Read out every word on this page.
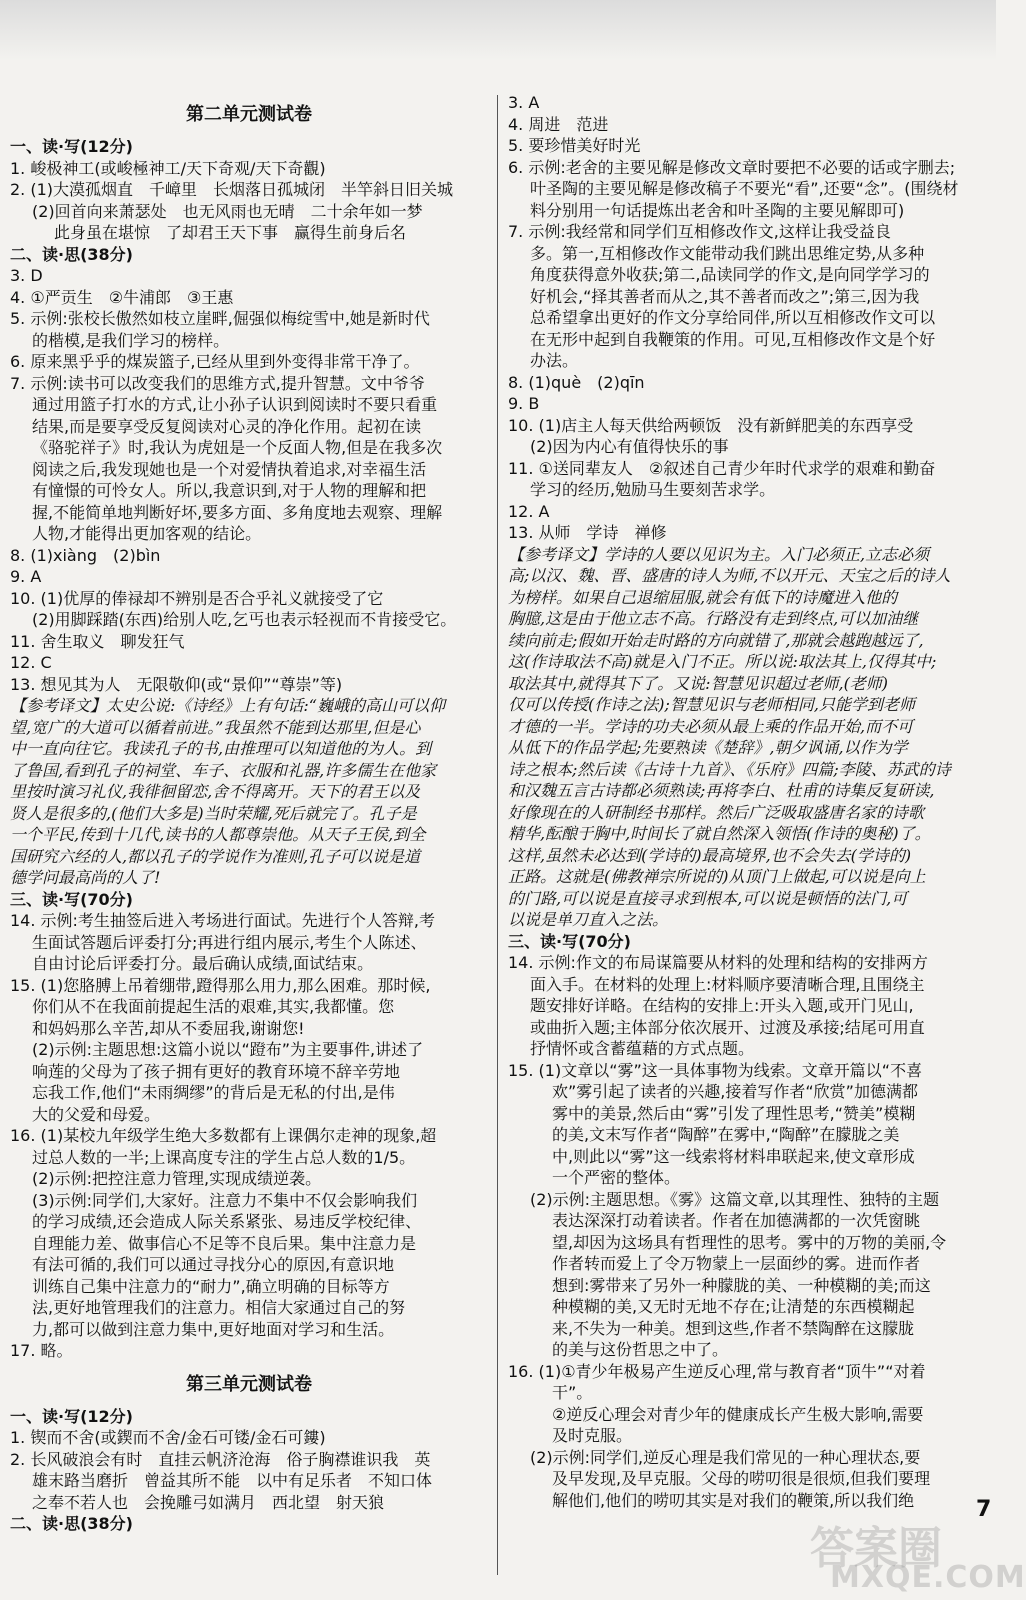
第二单元测试卷
一、读·写(12分)
1. 峻极神工(或峻極神工/天下奇观/天下奇觀)
2. (1)大漠孤烟直　千嶂里　长烟落日孤城闭　半竿斜日旧关城
(2)回首向来萧瑟处　也无风雨也无晴　二十余年如一梦
此身虽在堪惊　了却君王天下事　赢得生前身后名
二、读·思(38分)
3. D
4. ①严贡生　②牛浦郎　③王惠
5. 示例:张校长傲然如枝立崖畔,倔强似梅绽雪中,她是新时代
的楷模,是我们学习的榜样。
6. 原来黑乎乎的煤炭篮子,已经从里到外变得非常干净了。
7. 示例:读书可以改变我们的思维方式,提升智慧。文中爷爷
通过用篮子打水的方式,让小孙子认识到阅读时不要只看重
结果,而是要享受反复阅读对心灵的净化作用。起初在读
《骆驼祥子》时,我认为虎妞是一个反面人物,但是在我多次
阅读之后,我发现她也是一个对爱情执着追求,对幸福生活
有憧憬的可怜女人。所以,我意识到,对于人物的理解和把
握,不能简单地判断好坏,要多方面、多角度地去观察、理解
人物,才能得出更加客观的结论。
8. (1)xiàng　(2)bìn
9. A
10. (1)优厚的俸禄却不辨别是否合乎礼义就接受了它
(2)用脚踩踏(东西)给别人吃,乞丐也表示轻视而不肯接受它。
11. 舍生取义　聊发狂气
12. C
13. 想见其为人　无限敬仰(或“景仰”“尊崇”等)
【参考译文】太史公说:《诗经》上有句话:“巍峨的高山可以仰
望,宽广的大道可以循着前进。”我虽然不能到达那里,但是心
中一直向往它。我读孔子的书,由推理可以知道他的为人。到
了鲁国,看到孔子的祠堂、车子、衣服和礼器,许多儒生在他家
里按时演习礼仪,我徘徊留恋,舍不得离开。天下的君王以及
贤人是很多的,(他们大多是)当时荣耀,死后就完了。孔子是
一个平民,传到十几代,读书的人都尊崇他。从天子王侯,到全
国研究六经的人,都以孔子的学说作为准则,孔子可以说是道
德学问最高尚的人了!
三、读·写(70分)
14. 示例:考生抽签后进入考场进行面试。先进行个人答辩,考
生面试答题后评委打分;再进行组内展示,考生个人陈述、
自由讨论后评委打分。最后确认成绩,面试结束。
15. (1)您胳膊上吊着绷带,蹬得那么用力,那么困难。那时候,
你们从不在我面前提起生活的艰难,其实,我都懂。您
和妈妈那么辛苦,却从不委屈我,谢谢您!
(2)示例:主题思想:这篇小说以“蹬布”为主要事件,讲述了
响莲的父母为了孩子拥有更好的教育环境不辞辛劳地
忘我工作,他们“未雨绸缪”的背后是无私的付出,是伟
大的父爱和母爱。
16. (1)某校九年级学生绝大多数都有上课偶尔走神的现象,超
过总人数的一半;上课高度专注的学生占总人数的1/5。
(2)示例:把控注意力管理,实现成绩逆袭。
(3)示例:同学们,大家好。注意力不集中不仅会影响我们
的学习成绩,还会造成人际关系紧张、易违反学校纪律、
自理能力差、做事信心不足等不良后果。集中注意力是
有法可循的,我们可以通过寻找分心的原因,有意识地
训练自己集中注意力的“耐力”,确立明确的目标等方
法,更好地管理我们的注意力。相信大家通过自己的努
力,都可以做到注意力集中,更好地面对学习和生活。
17. 略。
第三单元测试卷
一、读·写(12分)
1. 锲而不舍(或鍥而不舍/金石可镂/金石可鏤)
2. 长风破浪会有时　直挂云帆济沧海　俗子胸襟谁识我　英
雄末路当磨折　曾益其所不能　以中有足乐者　不知口体
之奉不若人也　会挽雕弓如满月　西北望　射天狼
二、读·思(38分)
3. A
4. 周进　范进
5. 要珍惜美好时光
6. 示例:老舍的主要见解是修改文章时要把不必要的话或字删去;
叶圣陶的主要见解是修改稿子不要光“看”,还要“念”。(围绕材
料分别用一句话提炼出老舍和叶圣陶的主要见解即可)
7. 示例:我经常和同学们互相修改作文,这样让我受益良
多。第一,互相修改作文能带动我们跳出思维定势,从多种
角度获得意外收获;第二,品读同学的作文,是向同学学习的
好机会,“择其善者而从之,其不善者而改之”;第三,因为我
总希望拿出更好的作文分享给同伴,所以互相修改作文可以
在无形中起到自我鞭策的作用。可见,互相修改作文是个好
办法。
8. (1)què　(2)qīn
9. B
10. (1)店主人每天供给两顿饭　没有新鲜肥美的东西享受
(2)因为内心有值得快乐的事
11. ①送同辈友人　②叙述自己青少年时代求学的艰难和勤奋
学习的经历,勉励马生要刻苦求学。
12. A
13. 从师　学诗　禅修
【参考译文】学诗的人要以见识为主。入门必须正,立志必须
高;以汉、魏、晋、盛唐的诗人为师,不以开元、天宝之后的诗人
为榜样。如果自己退缩屈服,就会有低下的诗魔进入他的
胸臆,这是由于他立志不高。行路没有走到终点,可以加油继
续向前走;假如开始走时路的方向就错了,那就会越跑越远了,
这(作诗取法不高)就是入门不正。所以说:取法其上,仅得其中;
取法其中,就得其下了。又说:智慧见识超过老师,(老师)
仅可以传授(作诗之法);智慧见识与老师相同,只能学到老师
才德的一半。学诗的功夫必须从最上乘的作品开始,而不可
从低下的作品学起;先要熟读《楚辞》,朝夕讽诵,以作为学
诗之根本;然后读《古诗十九首》、《乐府》四篇;李陵、苏武的诗
和汉魏五言古诗都必须熟读;再将李白、杜甫的诗集反复研读,
好像现在的人研制经书那样。然后广泛吸取盛唐名家的诗歌
精华,酝酿于胸中,时间长了就自然深入领悟(作诗的奥秘)了。
这样,虽然未必达到(学诗的)最高境界,也不会失去(学诗的)
正路。这就是(佛教禅宗所说的)从顶门上做起,可以说是向上
的门路,可以说是直接寻求到根本,可以说是顿悟的法门,可
以说是单刀直入之法。
三、读·写(70分)
14. 示例:作文的布局谋篇要从材料的处理和结构的安排两方
面入手。在材料的处理上:材料顺序要清晰合理,且围绕主
题安排好详略。在结构的安排上:开头入题,或开门见山,
或曲折入题;主体部分依次展开、过渡及承接;结尾可用直
抒情怀或含蓄蕴藉的方式点题。
15. (1)文章以“雾”这一具体事物为线索。文章开篇以“不喜
欢”雾引起了读者的兴趣,接着写作者“欣赏”加德满都
雾中的美景,然后由“雾”引发了理性思考,“赞美”模糊
的美,文末写作者“陶醉”在雾中,“陶醉”在朦胧之美
中,则此以“雾”这一线索将材料串联起来,使文章形成
一个严密的整体。
(2)示例:主题思想。《雾》这篇文章,以其理性、独特的主题
表达深深打动着读者。作者在加德满都的一次凭窗眺
望,却因为这场具有哲理性的思考。雾中的万物的美丽,令
作者转而爱上了令万物蒙上一层面纱的雾。进而作者
想到:雾带来了另外一种朦胧的美、一种模糊的美;而这
种模糊的美,又无时无地不存在;让清楚的东西模糊起
来,不失为一种美。想到这些,作者不禁陶醉在这朦胧
的美与这份哲思之中了。
16. (1)①青少年极易产生逆反心理,常与教育者“顶牛”“对着
干”。
②逆反心理会对青少年的健康成长产生极大影响,需要
及时克服。
(2)示例:同学们,逆反心理是我们常见的一种心理状态,要
及早发现,及早克服。父母的唠叨很是很烦,但我们要理
解他们,他们的唠叨其实是对我们的鞭策,所以我们绝	7
答案圈
MXQE.COM
